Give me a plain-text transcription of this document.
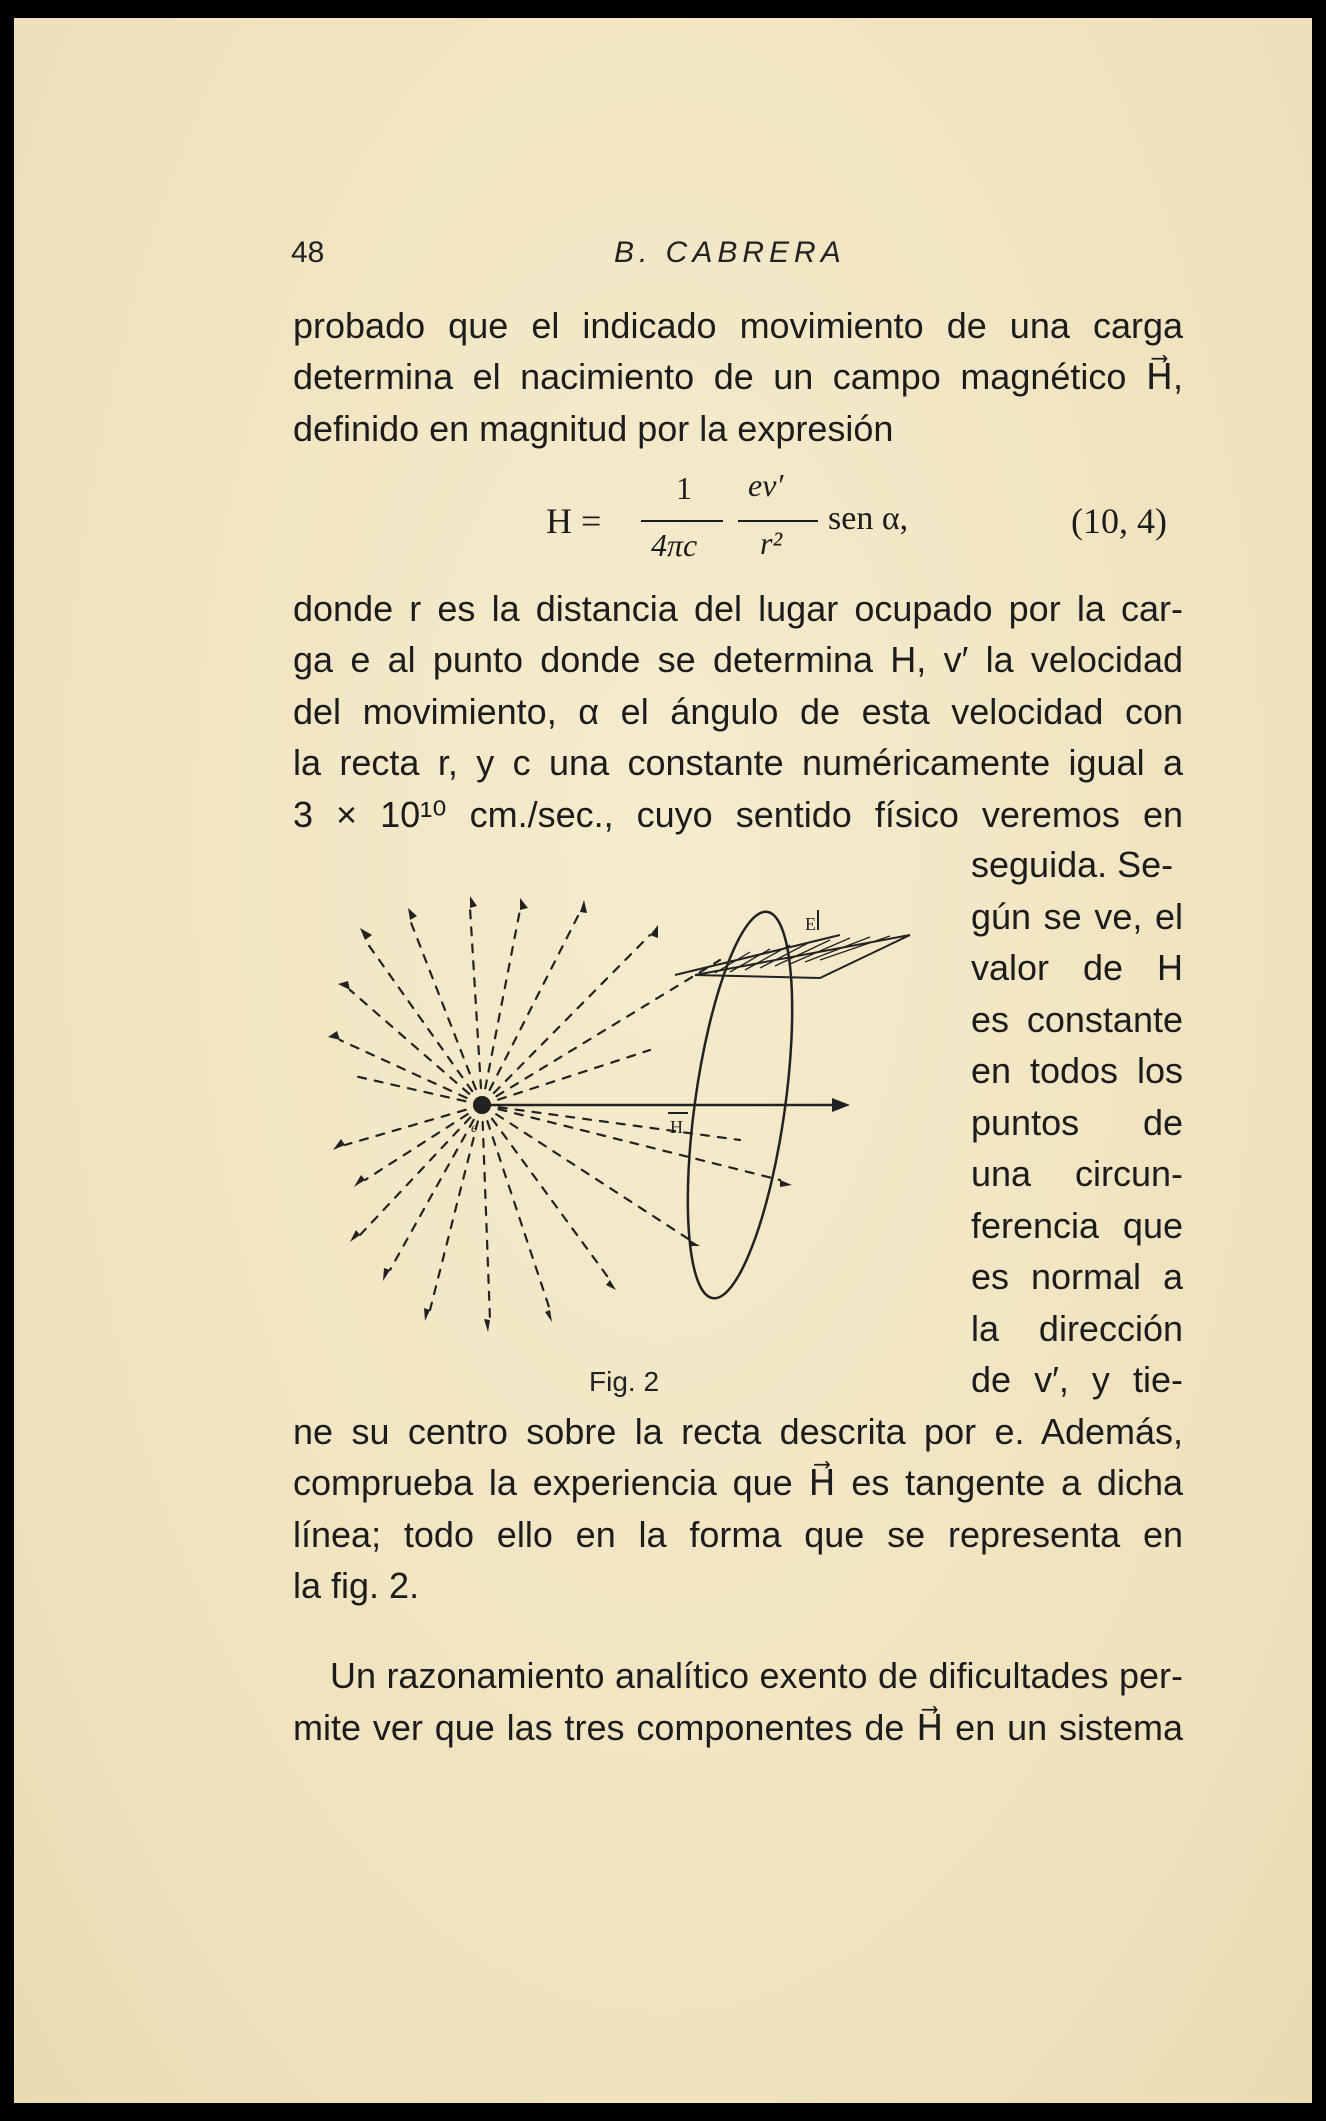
48	B. CABRERA
probado que el indicado movimiento de una carga
determina el nacimiento de un campo magnético H⃗,
definido en magnitud por la expresión
H =
1
4πc
ev′
r²
sen α,	(10, 4)
donde r es la distancia del lugar ocupado por la car-
ga e al punto donde se determina H, v′ la velocidad
del movimiento, α el ángulo de esta velocidad con
la recta r, y c una constante numéricamente igual a
3 × 10¹⁰ cm./sec., cuyo sentido físico veremos en
seguida. Se-
gún se ve, el
valor de H
es constante
en todos los
puntos de
una circun-
ferencia que
es normal a
la dirección
de v′, y tie-
e
E
H
Fig. 2
ne su centro sobre la recta descrita por e. Además,
comprueba la experiencia que H⃗ es tangente a dicha
línea; todo ello en la forma que se representa en
la fig. 2.
Un razonamiento analítico exento de dificultades per-
mite ver que las tres componentes de H⃗ en un sistema
